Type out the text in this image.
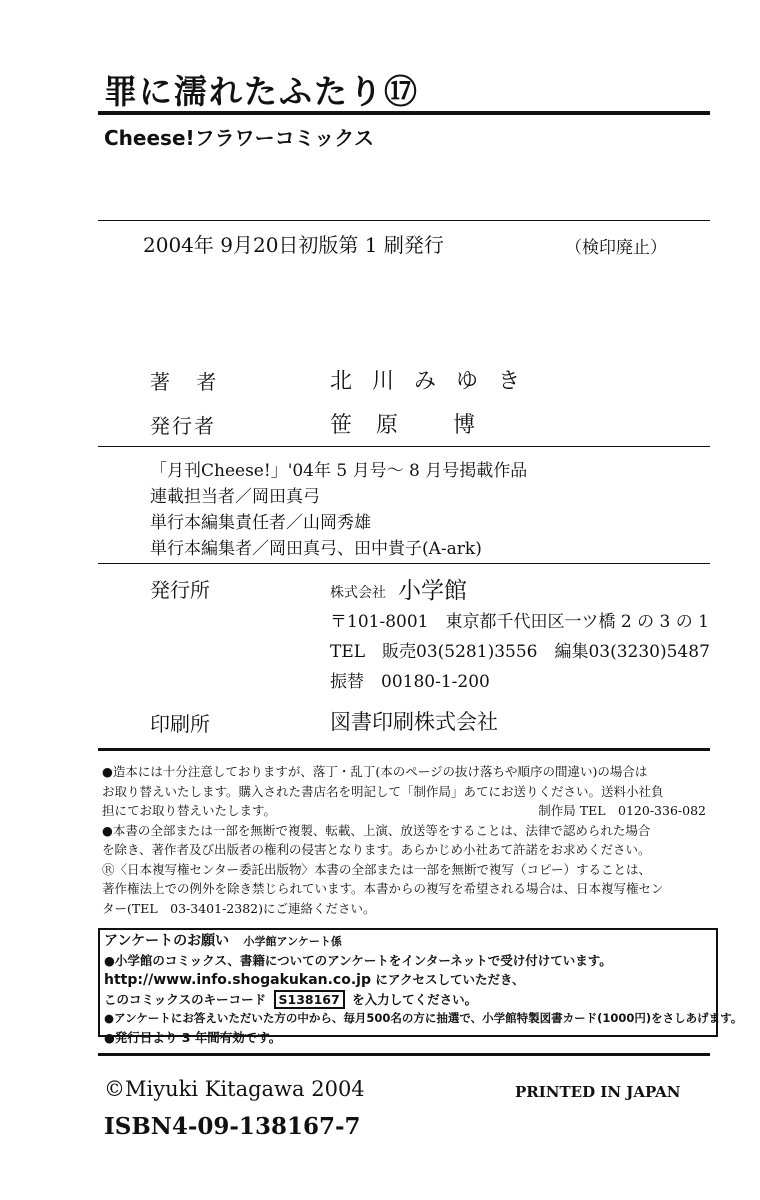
罪に濡れたふたり⑰
Cheese!フラワーコミックス
2004年 9月20日初版第 1 刷発行	（検印廃止）
著 者	北川みゆき
発行者	笹原 博
「月刊Cheese!」'04年 5 月号～ 8 月号掲載作品
連載担当者／岡田真弓
単行本編集責任者／山岡秀雄
単行本編集者／岡田真弓、田中貴子(A-ark)
発行所	株式会社 小学館
〒101-8001　東京都千代田区一ツ橋 2 の 3 の 1
TEL　販売03(5281)3556　編集03(3230)5487
振替　00180-1-200
印刷所	図書印刷株式会社

●造本には十分注意しておりますが、落丁・乱丁(本のページの抜け落ちや順序の間違い)の場合は

お取り替えいたします。購入された書店名を明記して「制作局」あてにお送りください。送料小社負

担にてお取り替えいたします。	制作局 TEL　0120-336-082

●本書の全部または一部を無断で複製、転載、上演、放送等をすることは、法律で認められた場合

を除き、著作者及び出版者の権利の侵害となります。あらかじめ小社あて許諾をお求めください。

Ⓡ〈日本複写権センター委託出版物〉本書の全部または一部を無断で複写（コピー）することは、

著作権法上での例外を除き禁じられています。本書からの複写を希望される場合は、日本複写権セン

ター(TEL　03-3401-2382)にご連絡ください。

アンケートのお願い 小学館アンケート係

●小学館のコミックス、書籍についてのアンケートをインターネットで受け付けています。

http://www.info.shogakukan.co.jp にアクセスしていただき、

このコミックスのキーコード S138167 を入力してください。

●アンケートにお答えいただいた方の中から、毎月500名の方に抽選で、小学館特製図書カード(1000円)をさしあげます。

●発行日より 3 年間有効です。

©Miyuki Kitagawa 2004	PRINTED IN JAPAN
ISBN4-09-138167-7
